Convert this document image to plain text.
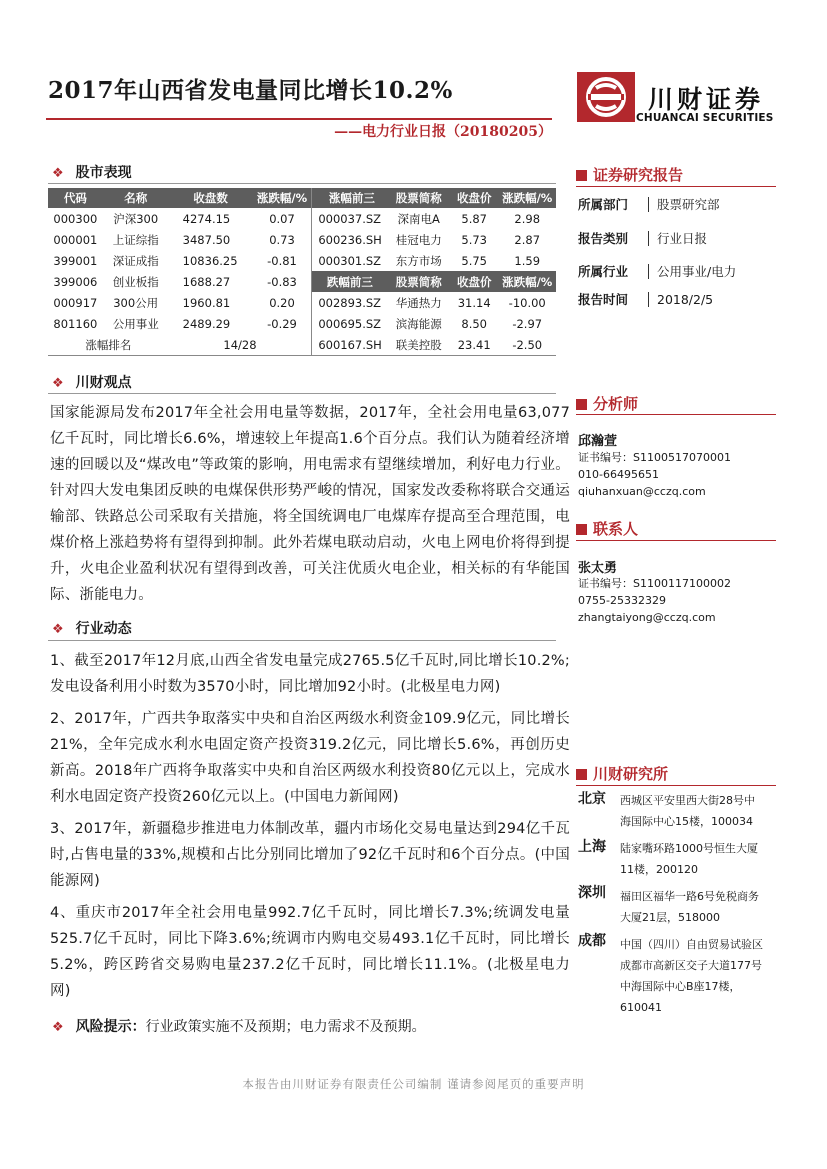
2017年山西省发电量同比增长10.2%
——电力行业日报（20180205）
川财证券
CHUANCAI SECURITIES
❖ 股市表现
代码	名称	收盘数	涨跌幅/%	涨幅前三	股票简称	收盘价	涨跌幅/%
000300	沪深300	4274.15	0.07	000037.SZ	深南电A	5.87	2.98
000001	上证综指	3487.50	0.73	600236.SH	桂冠电力	5.73	2.87
399001	深证成指	10836.25	-0.81	000301.SZ	东方市场	5.75	1.59
399006	创业板指	1688.27	-0.83	跌幅前三	股票简称	收盘价	涨跌幅/%
000917	300公用	1960.81	0.20	002893.SZ	华通热力	31.14	-10.00
801160	公用事业	2489.29	-0.29	000695.SZ	滨海能源	8.50	-2.97
涨幅排名		14/28		600167.SH	联美控股	23.41	-2.50
❖ 川财观点
国家能源局发布2017年全社会用电量等数据，2017年，全社会用电量63,077亿千瓦时，同比增长6.6%，增速较上年提高1.6个百分点。我们认为随着经济增速的回暖以及“煤改电”等政策的影响，用电需求有望继续增加，利好电力行业。针对四大发电集团反映的电煤保供形势严峻的情况，国家发改委称将联合交通运输部、铁路总公司采取有关措施，将全国统调电厂电煤库存提高至合理范围，电煤价格上涨趋势将有望得到抑制。此外若煤电联动启动，火电上网电价将得到提升，火电企业盈利状况有望得到改善，可关注优质火电企业，相关标的有华能国际、浙能电力。
❖ 行业动态
1、截至2017年12月底,山西全省发电量完成2765.5亿千瓦时,同比增长10.2%;发电设备利用小时数为3570小时，同比增加92小时。(北极星电力网)
2、2017年，广西共争取落实中央和自治区两级水利资金109.9亿元，同比增长21%，全年完成水利水电固定资产投资319.2亿元，同比增长5.6%，再创历史新高。2018年广西将争取落实中央和自治区两级水利投资80亿元以上，完成水利水电固定资产投资260亿元以上。(中国电力新闻网)
3、2017年，新疆稳步推进电力体制改革，疆内市场化交易电量达到294亿千瓦时,占售电量的33%,规模和占比分别同比增加了92亿千瓦时和6个百分点。(中国能源网)
4、重庆市2017年全社会用电量992.7亿千瓦时，同比增长7.3%;统调发电量525.7亿千瓦时，同比下降3.6%;统调市内购电交易493.1亿千瓦时，同比增长5.2%，跨区跨省交易购电量237.2亿千瓦时，同比增长11.1%。(北极星电力网)
❖ 风险提示：行业政策实施不及预期；电力需求不及预期。
证券研究报告
所属部门 股票研究部
报告类别 行业日报
所属行业 公用事业/电力
报告时间 2018/2/5
分析师
邱瀚萱
证书编号：S1100517070001
010-66495651
qiuhanxuan@cczq.com
联系人
张太勇
证书编号：S1100117100002
0755-25332329
zhangtaiyong@cczq.com
川财研究所
北京 西城区平安里西大街28号中
海国际中心15楼，100034
上海 陆家嘴环路1000号恒生大厦
11楼，200120
深圳 福田区福华一路6号免税商务
大厦21层，518000
成都 中国（四川）自由贸易试验区
成都市高新区交子大道177号
中海国际中心B座17楼，
610041
本报告由川财证券有限责任公司编制 谨请参阅尾页的重要声明
